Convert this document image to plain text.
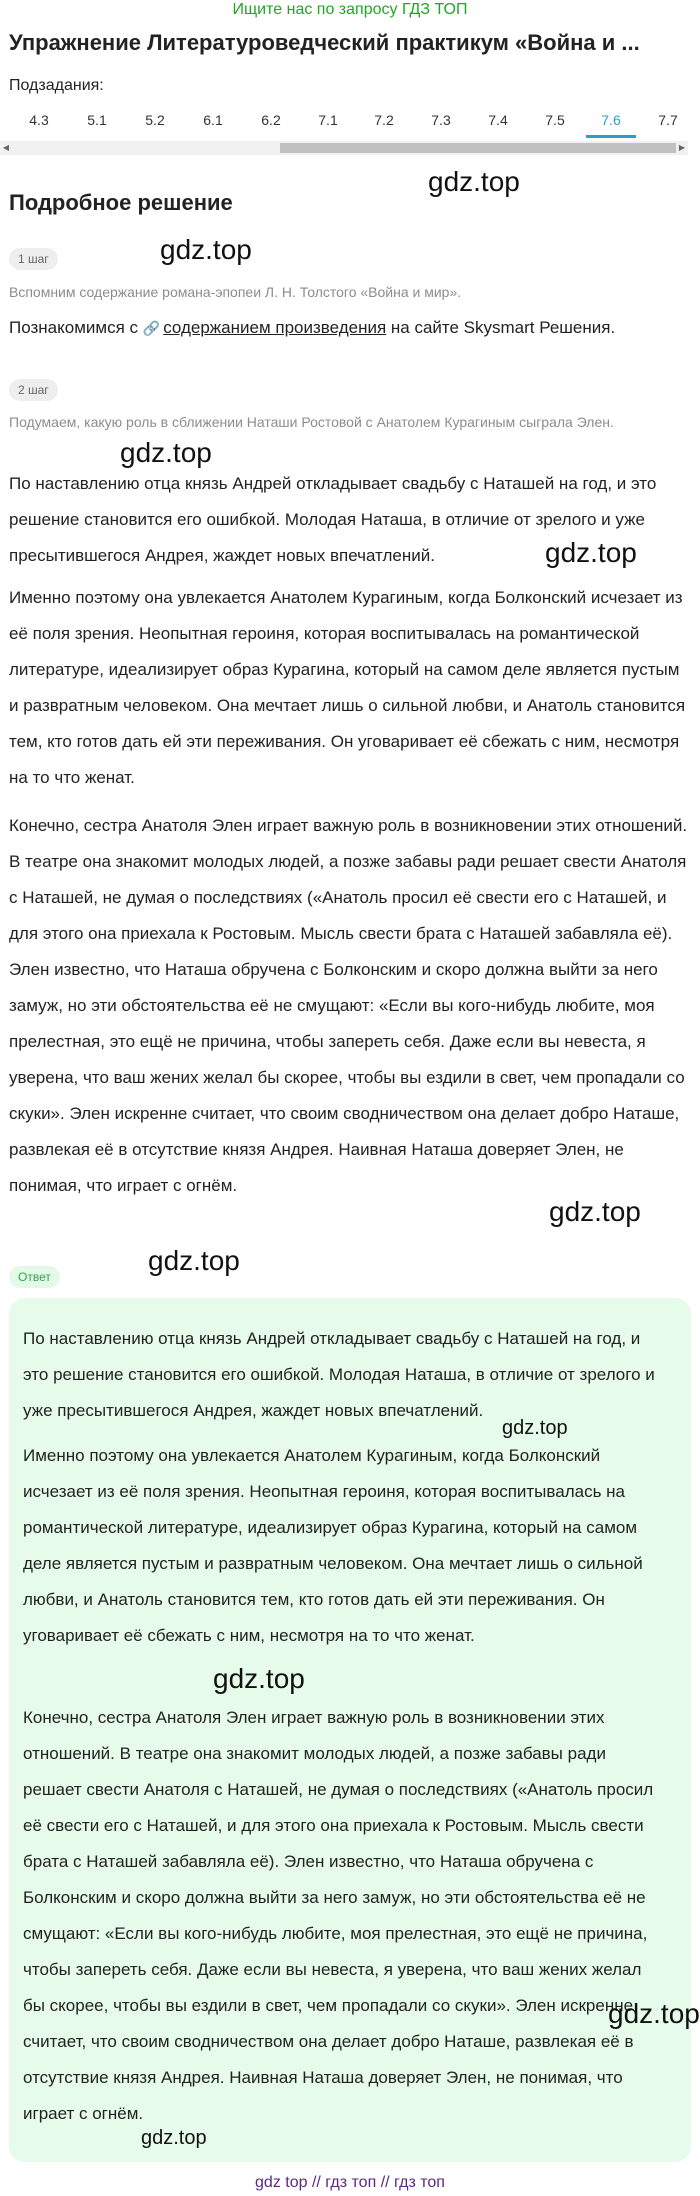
Ищите нас по запросу ГДЗ ТОП
Упражнение Литературоведческий практикум «Война и ...
Подзадания:
4.3	5.1	5.2	6.1	6.2	7.1	7.2	7.3	7.4	7.5	7.6	7.7
◀	▶
gdz.top
Подробное решение
1 шаг	gdz.top
Вспомним содержание романа-эпопеи Л. Н. Толстого «Война и мир».

Познакомимся с 🔗 содержанием произведения на сайте Skysmart Решения.

2 шаг
Подумаем, какую роль в сближении Наташи Ростовой с Анатолем Курагиным сыграла Элен.
gdz.top

По наставлению отца князь Андрей откладывает свадьбу с Наташей на год, и это решение становится его ошибкой. Молодая Наташа, в отличие от зрелого и уже пресытившегося Андрея, жаждет новых впечатлений.	gdz.top

Именно поэтому она увлекается Анатолем Курагиным, когда Болконский исчезает из её поля зрения. Неопытная героиня, которая воспитывалась на романтической литературе, идеализирует образ Курагина, который на самом деле является пустым и развратным человеком. Она мечтает лишь о сильной любви, и Анатоль становится тем, кто готов дать ей эти переживания. Он уговаривает её сбежать с ним, несмотря на то что женат.

Конечно, сестра Анатоля Элен играет важную роль в возникновении этих отношений. В театре она знакомит молодых людей, а позже забавы ради решает свести Анатоля с Наташей, не думая о последствиях («Анатоль просил её свести его с Наташей, и для этого она приехала к Ростовым. Мысль свести брата с Наташей забавляла её). Элен известно, что Наташа обручена с Болконским и скоро должна выйти за него замуж, но эти обстоятельства её не смущают: «Если вы кого-нибудь любите, моя прелестная, это ещё не причина, чтобы запереть себя. Даже если вы невеста, я уверена, что ваш жених желал бы скорее, чтобы вы ездили в свет, чем пропадали со скуки». Элен искренне считает, что своим сводничеством она делает добро Наташе, развлекая её в отсутствие князя Андрея. Наивная Наташа доверяет Элен, не понимая, что играет с огнём.

gdz.top
Ответ
gdz.top

По наставлению отца князь Андрей откладывает свадьбу с Наташей на год, и это решение становится его ошибкой. Молодая Наташа, в отличие от зрелого и уже пресытившегося Андрея, жаждет новых впечатлений.

gdz.top

Именно поэтому она увлекается Анатолем Курагиным, когда Болконский исчезает из её поля зрения. Неопытная героиня, которая воспитывалась на романтической литературе, идеализирует образ Курагина, который на самом деле является пустым и развратным человеком. Она мечтает лишь о сильной любви, и Анатоль становится тем, кто готов дать ей эти переживания. Он уговаривает её сбежать с ним, несмотря на то что женат.

gdz.top

Конечно, сестра Анатоля Элен играет важную роль в возникновении этих отношений. В театре она знакомит молодых людей, а позже забавы ради решает свести Анатоля с Наташей, не думая о последствиях («Анатоль просил её свести его с Наташей, и для этого она приехала к Ростовым. Мысль свести брата с Наташей забавляла её). Элен известно, что Наташа обручена с Болконским и скоро должна выйти за него замуж, но эти обстоятельства её не смущают: «Если вы кого-нибудь любите, моя прелестная, это ещё не причина, чтобы запереть себя. Даже если вы невеста, я уверена, что ваш жених желал бы скорее, чтобы вы ездили в свет, чем пропадали со скуки». Элен искренне считает, что своим сводничеством она делает добро Наташе, развлекая её в отсутствие князя Андрея. Наивная Наташа доверяет Элен, не понимая, что играет с огнём.

gdz.top
gdz.top
gdz top // гдз топ // гдз топ
